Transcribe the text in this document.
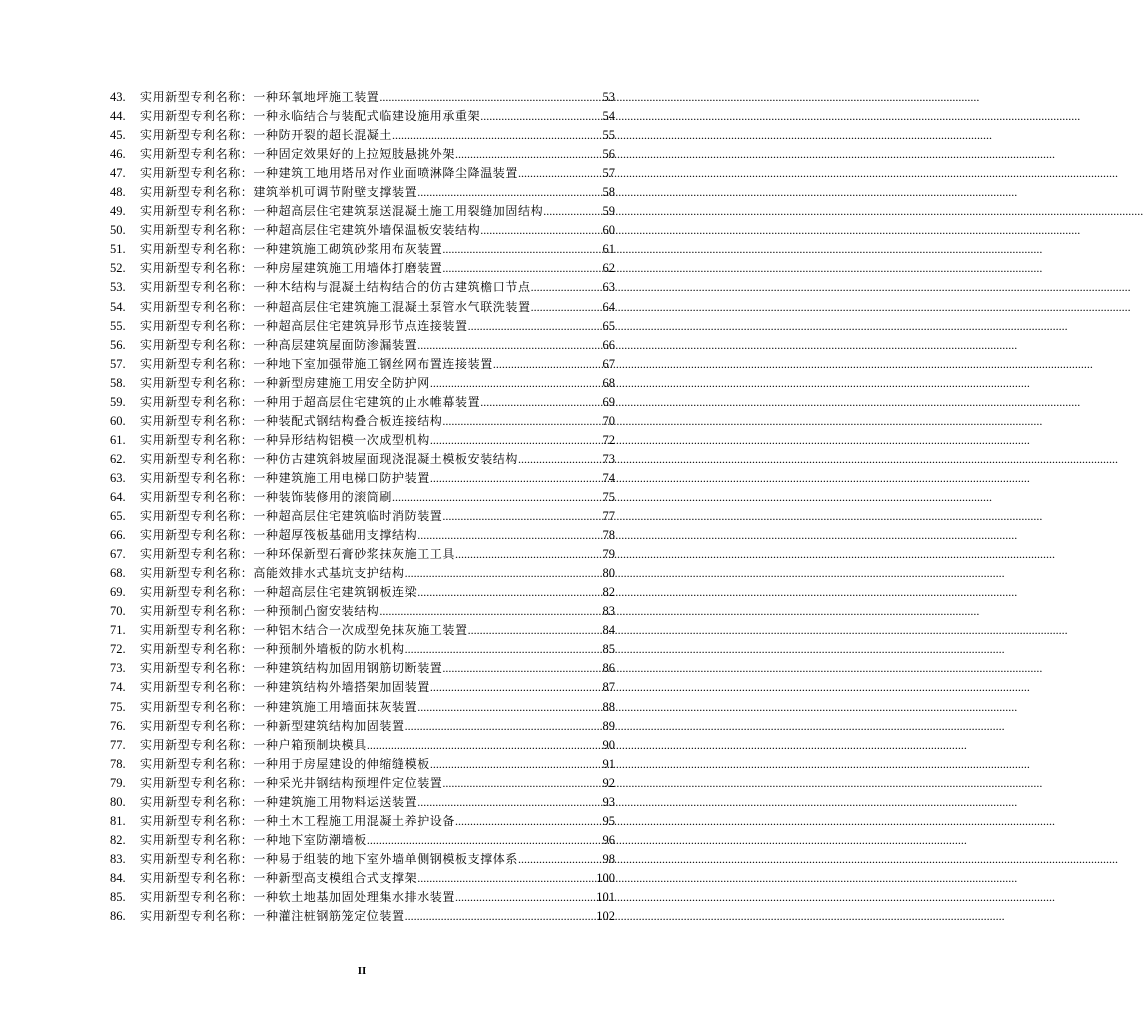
43.	实用新型专利名称：一种环氧地坪施工装置 .....	53
44.	实用新型专利名称：一种永临结合与装配式临建设施用承重架 .....	54
45.	实用新型专利名称：一种防开裂的超长混凝土 .....	55
46.	实用新型专利名称：一种固定效果好的上拉短肢悬挑外架 .....	56
47.	实用新型专利名称：一种建筑工地用塔吊对作业面喷淋降尘降温装置 .....	57
48.	实用新型专利名称：建筑举机可调节附壁支撑装置 .....	58
49.	实用新型专利名称：一种超高层住宅建筑泵送混凝土施工用裂缝加固结构 .....	59
50.	实用新型专利名称：一种超高层住宅建筑外墙保温板安装结构 .....	60
51.	实用新型专利名称：一种建筑施工砌筑砂浆用布灰装置 .....	61
52.	实用新型专利名称：一种房屋建筑施工用墙体打磨装置 .....	62
53.	实用新型专利名称：一种木结构与混凝土结构结合的仿古建筑檐口节点 .....	63
54.	实用新型专利名称：一种超高层住宅建筑施工混凝土泵管水气联洗装置 .....	64
55.	实用新型专利名称：一种超高层住宅建筑异形节点连接装置 .....	65
56.	实用新型专利名称：一种高层建筑屋面防渗漏装置 .....	66
57.	实用新型专利名称：一种地下室加强带施工钢丝网布置连接装置 .....	67
58.	实用新型专利名称：一种新型房建施工用安全防护网 .....	68
59.	实用新型专利名称：一种用于超高层住宅建筑的止水帷幕装置 .....	69
60.	实用新型专利名称：一种装配式钢结构叠合板连接结构 .....	70
61.	实用新型专利名称：一种异形结构铝模一次成型机构 .....	72
62.	实用新型专利名称：一种仿古建筑斜坡屋面现浇混凝土模板安装结构 .....	73
63.	实用新型专利名称：一种建筑施工用电梯口防护装置 .....	74
64.	实用新型专利名称：一种装饰装修用的滚筒刷 .....	75
65.	实用新型专利名称：一种超高层住宅建筑临时消防装置 .....	77
66.	实用新型专利名称：一种超厚筏板基础用支撑结构 .....	78
67.	实用新型专利名称：一种环保新型石膏砂浆抹灰施工工具 .....	79
68.	实用新型专利名称：高能效排水式基坑支护结构 .....	80
69.	实用新型专利名称：一种超高层住宅建筑钢板连梁 .....	82
70.	实用新型专利名称：一种预制凸窗安装结构 .....	83
71.	实用新型专利名称：一种铝木结合一次成型免抹灰施工装置 .....	84
72.	实用新型专利名称：一种预制外墙板的防水机构 .....	85
73.	实用新型专利名称：一种建筑结构加固用钢筋切断装置 .....	86
74.	实用新型专利名称：一种建筑结构外墙搭架加固装置 .....	87
75.	实用新型专利名称：一种建筑施工用墙面抹灰装置 .....	88
76.	实用新型专利名称：一种新型建筑结构加固装置 .....	89
77.	实用新型专利名称：一种户箱预制块模具 .....	90
78.	实用新型专利名称：一种用于房屋建设的伸缩缝模板 .....	91
79.	实用新型专利名称：一种采光井钢结构预埋件定位装置 .....	92
80.	实用新型专利名称：一种建筑施工用物料运送装置 .....	93
81.	实用新型专利名称：一种土木工程施工用混凝土养护设备 .....	95
82.	实用新型专利名称：一种地下室防潮墙板 .....	96
83.	实用新型专利名称：一种易于组装的地下室外墙单侧钢模板支撑体系 .....	98
84.	实用新型专利名称：一种新型高支模组合式支撑架 .....	100
85.	实用新型专利名称：一种软土地基加固处理集水排水装置 .....	101
86.	实用新型专利名称：一种灌注桩钢筋笼定位装置 .....	102
II
